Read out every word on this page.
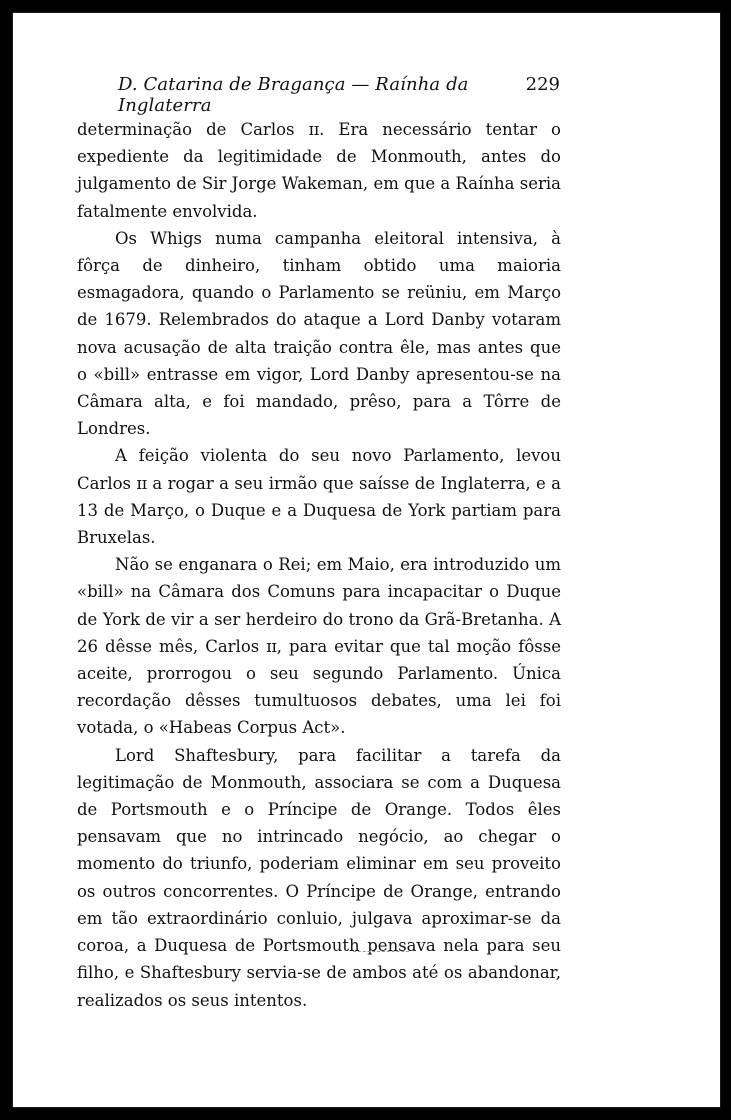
D. Catarina de Bragança — Raínha da Inglaterra
229

determinação de Carlos ɪɪ. Era necessário tentar o expediente da legitimidade de Monmouth, antes do julgamento de Sir Jorge Wakeman, em que a Raínha seria fatalmente envolvida.

Os Whigs numa campanha eleitoral intensiva, à fôrça de dinheiro, tinham obtido uma maioria esmagadora, quando o Parlamento se reüniu, em Março de 1679. Relembrados do ataque a Lord Danby votaram nova acusação de alta traição contra êle, mas antes que o «bill» entrasse em vigor, Lord Danby apresentou-se na Câmara alta, e foi mandado, prêso, para a Tôrre de Londres.

A feição violenta do seu novo Parlamento, levou Carlos ɪɪ a rogar a seu irmão que saísse de Inglaterra, e a 13 de Março, o Duque e a Duquesa de York partiam para Bruxelas.

Não se enganara o Rei; em Maio, era introduzido um «bill» na Câmara dos Comuns para incapacitar o Duque de York de vir a ser herdeiro do trono da Grã-Bretanha. A 26 dêsse mês, Carlos ɪɪ, para evitar que tal moção fôsse aceite, prorrogou o seu segundo Parlamento. Única recordação dêsses tumultuosos debates, uma lei foi votada, o «Habeas Corpus Act».

Lord Shaftesbury, para facilitar a tarefa da legitimação de Monmouth, associara se com a Duquesa de Portsmouth e o Príncipe de Orange. Todos êles pensavam que no intrincado negócio, ao chegar o momento do triunfo, poderiam eliminar em seu proveito os outros concorrentes. O Príncipe de Orange, entrando em tão extraordinário conluio, julgava aproximar-se da coroa, a Duquesa de Portsmouth pensava nela para seu filho, e Shaftesbury servia-se de ambos até os abandonar, realizados os seus intentos.
